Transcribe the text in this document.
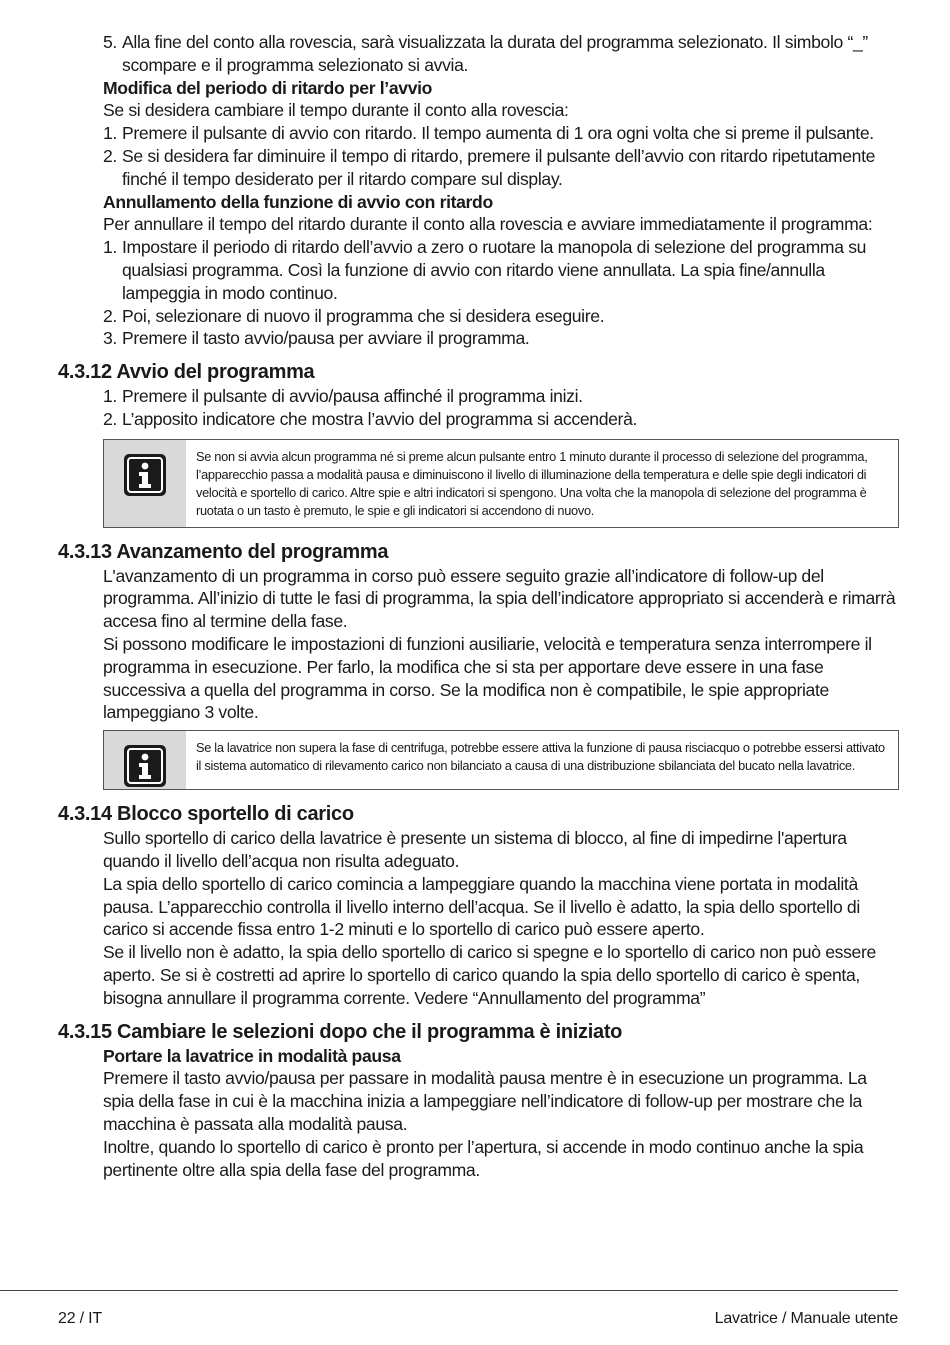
5. Alla fine del conto alla rovescia, sarà visualizzata la durata del programma selezionato. Il simbolo “_” scompare e il programma selezionato si avvia.
Modifica del periodo di ritardo per l’avvio

Se si desidera cambiare il tempo durante il conto alla rovescia:

1. Premere il pulsante di avvio con ritardo. Il tempo aumenta di 1 ora ogni volta che si preme il pulsante.
2. Se si desidera far diminuire il tempo di ritardo, premere il pulsante dell’avvio con ritardo ripetutamente finché il tempo desiderato per il ritardo compare sul display.
Annullamento della funzione di avvio con ritardo

Per annullare il tempo del ritardo durante il conto alla rovescia e avviare immediatamente il programma:

1. Impostare il periodo di ritardo dell’avvio a zero o ruotare la manopola di selezione del programma su qualsiasi programma. Così la funzione di avvio con ritardo viene annullata. La spia fine/annulla lampeggia in modo continuo.
2. Poi, selezionare di nuovo il programma che si desidera eseguire.
3. Premere il tasto avvio/pausa per avviare il programma.
4.3.12 Avvio del programma
1. Premere il pulsante di avvio/pausa affinché il programma inizi.
2. L’apposito indicatore che mostra l’avvio del programma si accenderà.
Se non si avvia alcun programma né si preme alcun pulsante entro 1 minuto durante il processo di selezione del programma, l’apparecchio passa a modalità pausa e diminuiscono il livello di illuminazione della temperatura e delle spie degli indicatori di velocità e sportello di carico. Altre spie e altri indicatori si spengono. Una volta che la manopola di selezione del programma è ruotata o un tasto è premuto, le spie e gli indicatori si accendono di nuovo.
4.3.13 Avanzamento del programma

L'avanzamento di un programma in corso può essere seguito grazie all’indicatore di follow-up del programma. All’inizio di tutte le fasi di programma, la spia dell’indicatore appropriato si accenderà e rimarrà accesa fino al termine della fase.

Si possono modificare le impostazioni di funzioni ausiliarie, velocità e temperatura senza interrompere il programma in esecuzione. Per farlo, la modifica che si sta per apportare deve essere in una fase successiva a quella del programma in corso. Se la modifica non è compatibile, le spie appropriate lampeggiano 3 volte.

Se la lavatrice non supera la fase di centrifuga, potrebbe essere attiva la funzione di pausa risciacquo o potrebbe essersi attivato il sistema automatico di rilevamento carico non bilanciato a causa di una distribuzione sbilanciata del bucato nella lavatrice.
4.3.14 Blocco sportello di carico

Sullo sportello di carico della lavatrice è presente un sistema di blocco, al fine di impedirne l'apertura quando il livello dell’acqua non risulta adeguato.

La spia dello sportello di carico comincia a lampeggiare quando la macchina viene portata in modalità pausa. L’apparecchio controlla il livello interno dell’acqua. Se il livello è adatto, la spia dello sportello di carico si accende fissa entro 1-2 minuti e lo sportello di carico può essere aperto.

Se il livello non è adatto, la spia dello sportello di carico si spegne e lo sportello di carico non può essere aperto. Se si è costretti ad aprire lo sportello di carico quando la spia dello sportello di carico è spenta, bisogna annullare il programma corrente. Vedere “Annullamento del programma”

4.3.15 Cambiare le selezioni dopo che il programma è iniziato
Portare la lavatrice in modalità pausa

Premere il tasto avvio/pausa per passare in modalità pausa mentre è in esecuzione un programma. La spia della fase in cui è la macchina inizia a lampeggiare nell’indicatore di follow-up per mostrare che la macchina è passata alla modalità pausa.

Inoltre, quando lo sportello di carico è pronto per l’apertura, si accende in modo continuo anche la spia pertinente oltre alla spia della fase del programma.

22 / IT	Lavatrice / Manuale utente
